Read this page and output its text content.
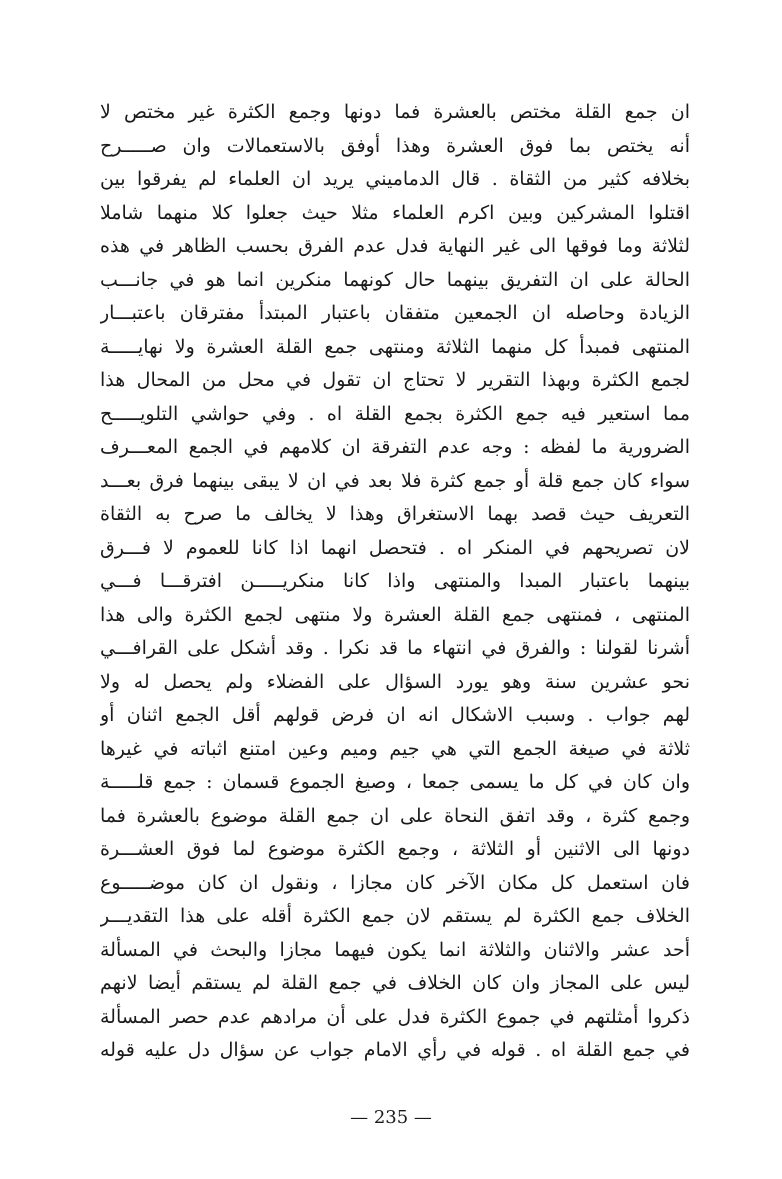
ان جمع القلة مختص بالعشرة فما دونها وجمع الكثرة غير مختص لا
أنه يختص بما فوق العشرة وهذا أوفق بالاستعمالات وان صـــــرح
بخلافه كثير من الثقاة . قال الدماميني يريد ان العلماء لم يفرقوا بين
اقتلوا المشركين وبين اكرم العلماء مثلا حيث جعلوا كلا منهما شاملا
لثلاثة وما فوقها الى غير النهاية فدل عدم الفرق بحسب الظاهر في هذه
الحالة على ان التفريق بينهما حال كونهما منكرين انما هو في جانـــب
الزيادة وحاصله ان الجمعين متفقان باعتبار المبتدأ مفترقان باعتبـــار
المنتهى فمبدأ كل منهما الثلاثة ومنتهى جمع القلة العشرة ولا نهايـــــة
لجمع الكثرة وبهذا التقرير لا تحتاج ان تقول في محل من المحال هذا
مما استعير فيه جمع الكثرة بجمع القلة اه . وفي حواشي التلويـــــح
الضرورية ما لفظه : وجه عدم التفرقة ان كلامهم في الجمع المعـــرف
سواء كان جمع قلة أو جمع كثرة فلا بعد في ان لا يبقى بينهما فرق بعـــد
التعريف حيث قصد بهما الاستغراق وهذا لا يخالف ما صرح به الثقاة
لان تصريحهم في المنكر اه . فتحصل انهما اذا كانا للعموم لا فـــرق
بينهما باعتبار المبدا والمنتهى واذا كانا منكريـــــن افترقـــا فـــي
المنتهى ، فمنتهى جمع القلة العشرة ولا منتهى لجمع الكثرة والى هذا
أشرنا لقولنا : والفرق في انتهاء ما قد نكرا . وقد أشكل على القرافـــي
نحو عشرين سنة وهو يورد السؤال على الفضلاء ولم يحصل له ولا
لهم جواب . وسبب الاشكال انه ان فرض قولهم أقل الجمع اثنان أو
ثلاثة في صيغة الجمع التي هي جيم وميم وعين امتنع اثباته في غيرها
وان كان في كل ما يسمى جمعا ، وصيغ الجموع قسمان : جمع قلـــــة
وجمع كثرة ، وقد اتفق النحاة على ان جمع القلة موضوع بالعشرة فما
دونها الى الاثنين أو الثلاثة ، وجمع الكثرة موضوع لما فوق العشـــرة
فان استعمل كل مكان الآخر كان مجازا ، ونقول ان كان موضـــــوع
الخلاف جمع الكثرة لم يستقم لان جمع الكثرة أقله على هذا التقديـــر
أحد عشر والاثنان والثلاثة انما يكون فيهما مجازا والبحث في المسألة
ليس على المجاز وان كان الخلاف في جمع القلة لم يستقم أيضا لانهم
ذكروا أمثلتهم في جموع الكثرة فدل على أن مرادهم عدم حصر المسألة
في جمع القلة اه . قوله في رأي الامام جواب عن سؤال دل عليه قوله
— 235 —
